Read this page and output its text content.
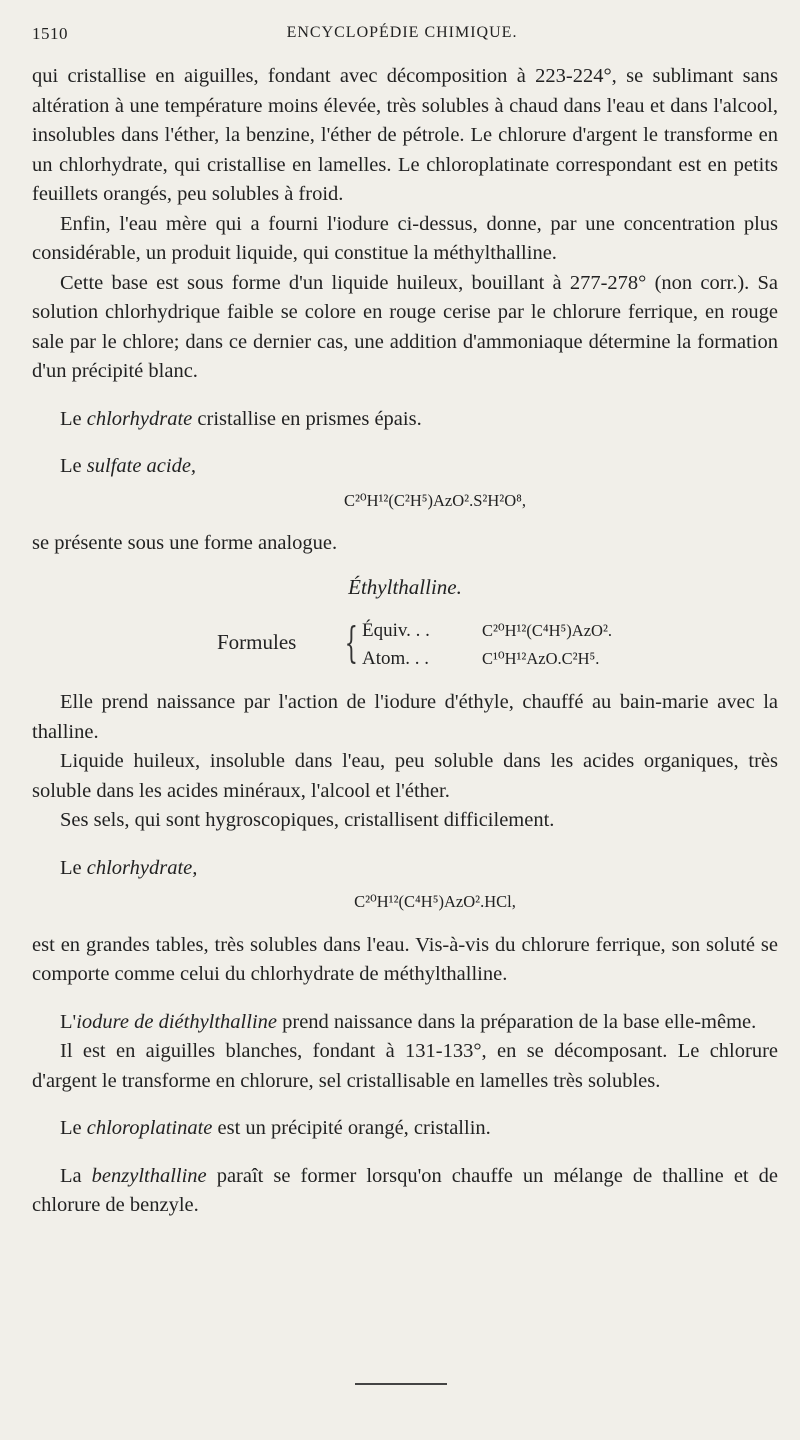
1510	ENCYCLOPÉDIE CHIMIQUE.

qui cristallise en aiguilles, fondant avec décomposition à 223-224°, se sublimant sans altération à une température moins élevée, très solubles à chaud dans l'eau et dans l'alcool, insolubles dans l'éther, la benzine, l'éther de pétrole. Le chlorure d'argent le transforme en un chlorhydrate, qui cristallise en lamelles. Le chloroplatinate correspondant est en petits feuillets orangés, peu solubles à froid.

Enfin, l'eau mère qui a fourni l'iodure ci-dessus, donne, par une concentration plus considérable, un produit liquide, qui constitue la méthylthalline.

Cette base est sous forme d'un liquide huileux, bouillant à 277-278° (non corr.). Sa solution chlorhydrique faible se colore en rouge cerise par le chlorure ferrique, en rouge sale par le chlore; dans ce dernier cas, une addition d'ammoniaque détermine la formation d'un précipité blanc.

Le chlorhydrate cristallise en prismes épais.

Le sulfate acide,

C²⁰H¹²(C²H⁵)AzO².S²H²O⁸,

se présente sous une forme analogue.

Éthylthalline.
Formules { Équiv. . .	C²⁰H¹²(C⁴H⁵)AzO².
Atom. . .	C¹⁰H¹²AzO.C²H⁵.

Elle prend naissance par l'action de l'iodure d'éthyle, chauffé au bain-marie avec la thalline.

Liquide huileux, insoluble dans l'eau, peu soluble dans les acides organiques, très soluble dans les acides minéraux, l'alcool et l'éther.

Ses sels, qui sont hygroscopiques, cristallisent difficilement.

Le chlorhydrate,

C²⁰H¹²(C⁴H⁵)AzO².HCl,

est en grandes tables, très solubles dans l'eau. Vis-à-vis du chlorure ferrique, son soluté se comporte comme celui du chlorhydrate de méthylthalline.

L'iodure de diéthylthalline prend naissance dans la préparation de la base elle-même.

Il est en aiguilles blanches, fondant à 131-133°, en se décomposant. Le chlorure d'argent le transforme en chlorure, sel cristallisable en lamelles très solubles.

Le chloroplatinate est un précipité orangé, cristallin.

La benzylthalline paraît se former lorsqu'on chauffe un mélange de thalline et de chlorure de benzyle.
